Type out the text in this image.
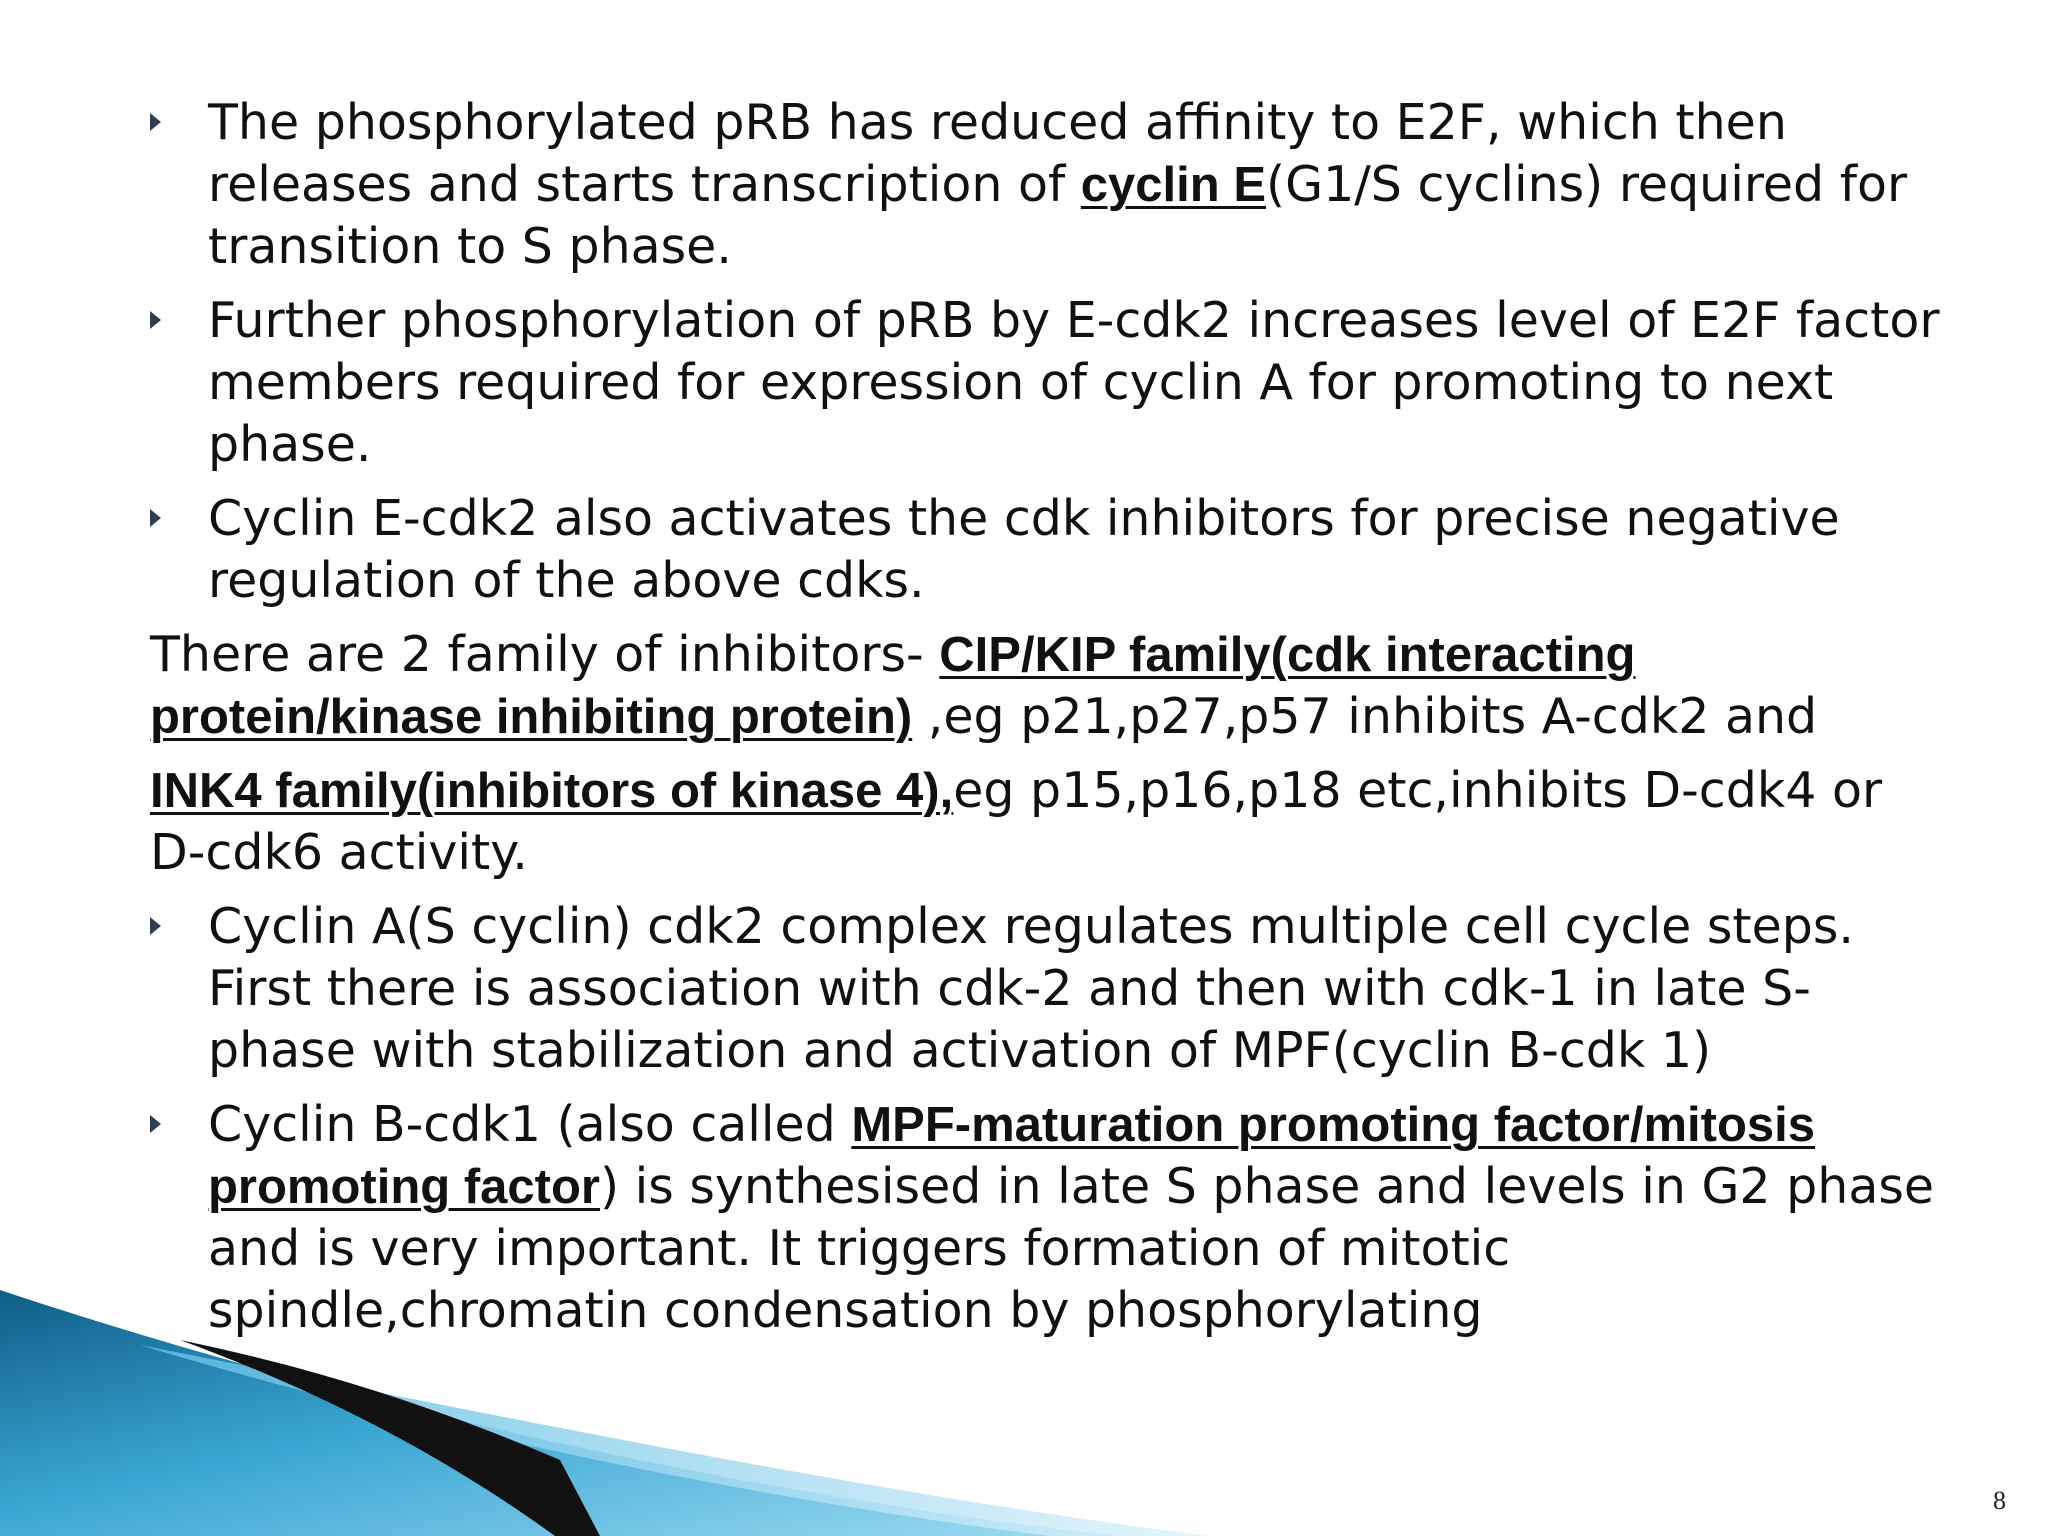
The phosphorylated pRB has reduced affinity to E2F, which then releases and starts transcription of cyclin E(G1/S cyclins) required for transition to S phase.
Further phosphorylation of pRB by E-cdk2 increases level of E2F factor members required for expression of cyclin A for promoting to next phase.
Cyclin E-cdk2 also activates the cdk inhibitors for precise negative regulation of the above cdks.
There are 2 family of inhibitors- CIP/KIP family(cdk interacting protein/kinase inhibiting protein) ,eg p21,p27,p57 inhibits A-cdk2 and
INK4 family(inhibitors of kinase 4),eg p15,p16,p18 etc,inhibits D-cdk4 or D-cdk6 activity.
Cyclin A(S cyclin) cdk2 complex regulates multiple cell cycle steps. First there is association with cdk-2 and then with cdk-1 in late S-phase with stabilization and activation of MPF(cyclin B-cdk 1)
Cyclin B-cdk1 (also called MPF-maturation promoting factor/mitosis promoting factor) is synthesised in late S phase and levels in G2 phase and is very important. It triggers formation of mitotic spindle,chromatin condensation by phosphorylating
8
